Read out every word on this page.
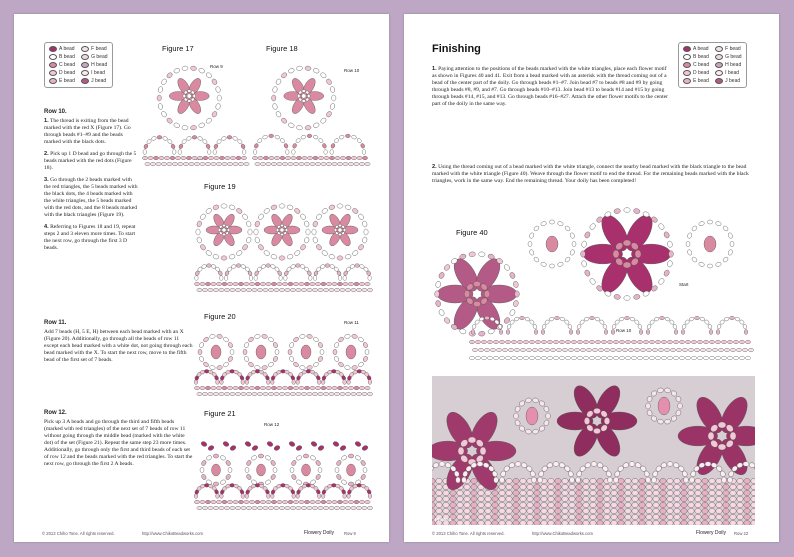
A bead	F bead
B bead	G bead
C bead	H bead
D bead	I bead
E bead	J bead
Figure 17	Figure 18
Row 9
Row 10
Row 10.

1. The thread is exiting from the bead marked with the red X (Figure 17). Go through beads #1–#9 and the beads marked with the black dots.

2. Pick up 1 D bead and go through the 5 beads marked with the red dots (Figure 18).

3. Go through the 2 beads marked with the red triangles, the 5 beads marked with the black dots, the 4 beads marked with the white triangles, the 5 beads marked with the red dots, and the 8 beads marked with the black triangles (Figure 19).

4. Referring to Figures 18 and 19, repeat steps 2 and 3 eleven more times. To start the next row, go through the first 3 D beads.

Figure 19
Row 11.

Add 7 beads (H, 5 E, H) between each bead marked with an X (Figure 20). Additionally, go through all the beads of row 11 except each bead marked with a white dot, not going through each bead marked with the X. To start the next row, move to the fifth bead of the first set of 7 beads.

Figure 20
Row 11
Row 12.

Pick up 3 A beads and go through the third and fifth beads (marked with red triangles) of the next set of 7 beads of row 11 without going through the middle bead (marked with the white dot) of the set (Figure 21). Repeat the same step 23 more times. Additionally, go through only the first and third beads of each set of row 12 and the beads marked with the red triangles. To start the next row, go through the first 2 A beads.

Figure 21
Row 12
© 2013 Chiho Tone. All rights reserved.	http://www.ChikoBeadworks.com	Flowery Doily Row 9
Finishing	A bead	F bead
B bead	G bead
C bead	H bead
D bead	I bead
E bead	J bead

1. Paying attention to the positions of the beads marked with the white triangles, place each flower motif as shown in Figures 40 and 41. Exit from a bead marked with an asterisk with the thread coming out of a bead of the center part of the doily. Go through beads #1–#7. Join bead #7 to beads #8 and #9 by going through beads #8, #9, and #7. Go through beads #10–#13. Join bead #13 to beads #14 and #15 by going through beads #14, #15, and #13. Go through beads #16–#27. Attach the other flower motifs to the center part of the doily in the same way.

2. Using the thread coming out of a bead marked with the white triangle, connect the nearby bead marked with the black triangle to the bead marked with the white triangle (Figure 40). Weave through the flower motif to end the thread. For the remaining beads marked with the black triangles, work in the same way. End the remaining thread. Your doily has been completed!

Figure 40
Start
Row 10
Photo 1
© 2013 Chiho Tone. All rights reserved.	http://www.ChikoBeadworks.com	Flowery Doily Row 22
